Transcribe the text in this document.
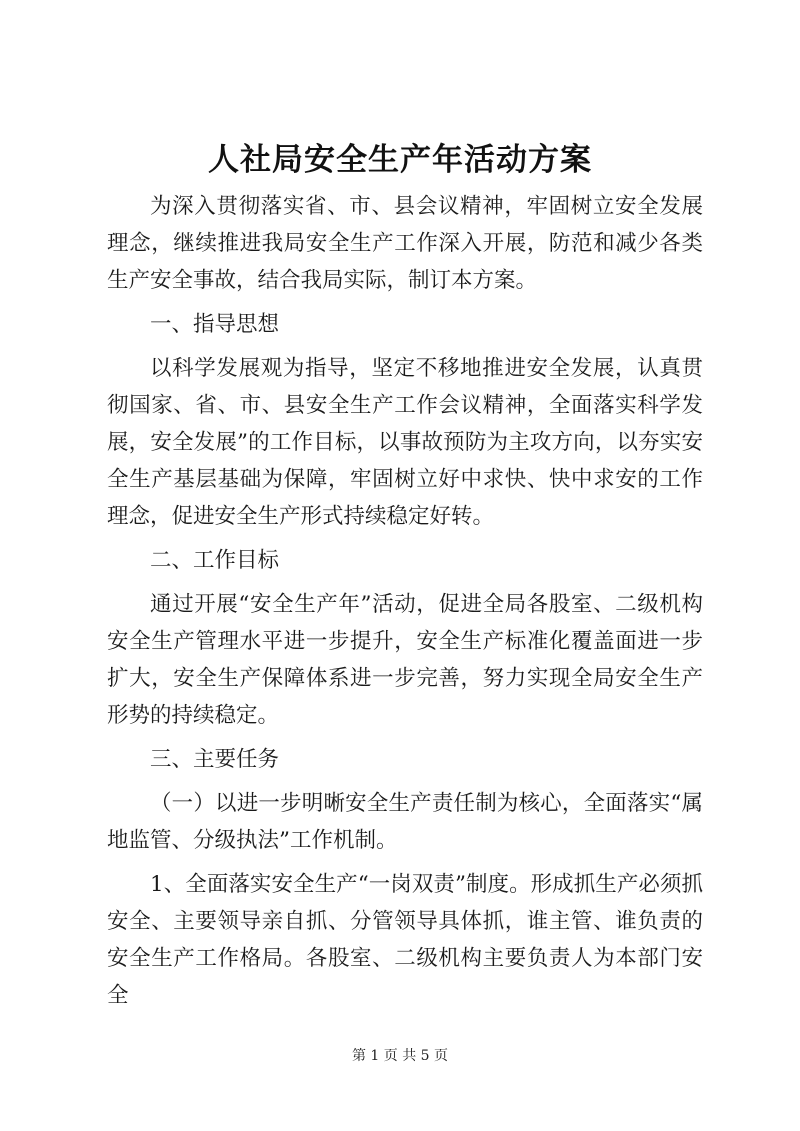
人社局安全生产年活动方案

为深入贯彻落实省、市、县会议精神，牢固树立安全发展理念，继续推进我局安全生产工作深入开展，防范和减少各类生产安全事故，结合我局实际，制订本方案。

一、指导思想

以科学发展观为指导，坚定不移地推进安全发展，认真贯彻国家、省、市、县安全生产工作会议精神，全面落实科学发展，安全发展”的工作目标，以事故预防为主攻方向，以夯实安全生产基层基础为保障，牢固树立好中求快、快中求安的工作理念，促进安全生产形式持续稳定好转。

二、工作目标

通过开展“安全生产年”活动，促进全局各股室、二级机构安全生产管理水平进一步提升，安全生产标准化覆盖面进一步扩大，安全生产保障体系进一步完善，努力实现全局安全生产形势的持续稳定。

三、主要任务

（一）以进一步明晰安全生产责任制为核心，全面落实“属地监管、分级执法”工作机制。

1、全面落实安全生产“一岗双责”制度。形成抓生产必须抓安全、主要领导亲自抓、分管领导具体抓，谁主管、谁负责的安全生产工作格局。各股室、二级机构主要负责人为本部门安全

第 1 页 共 5 页
